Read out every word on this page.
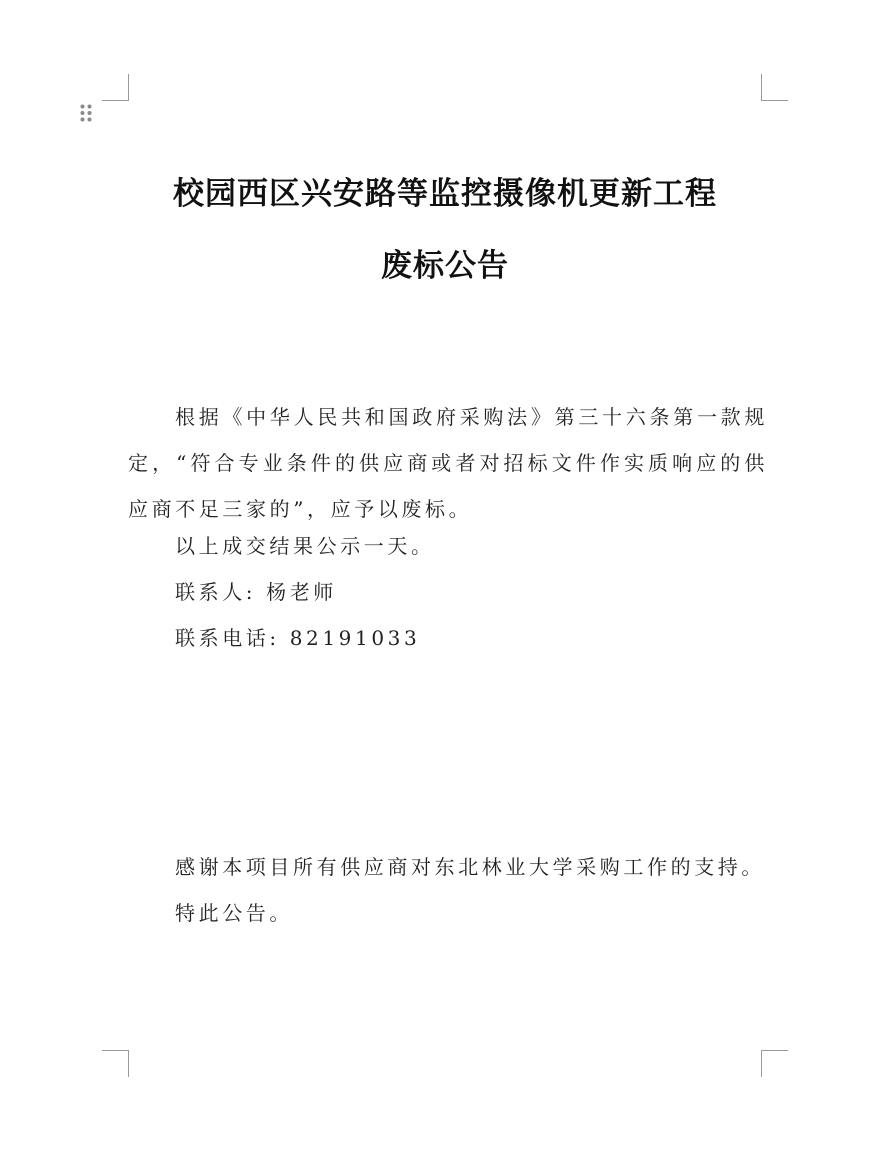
校园西区兴安路等监控摄像机更新工程
废标公告
根据《中华人民共和国政府采购法》第三十六条第一款规定，“符合专业条件的供应商或者对招标文件作实质响应的供应商不足三家的”，应予以废标。
以上成交结果公示一天。
联系人: 杨老师
联系电话: 82191033
感谢本项目所有供应商对东北林业大学采购工作的支持。
特此公告。
